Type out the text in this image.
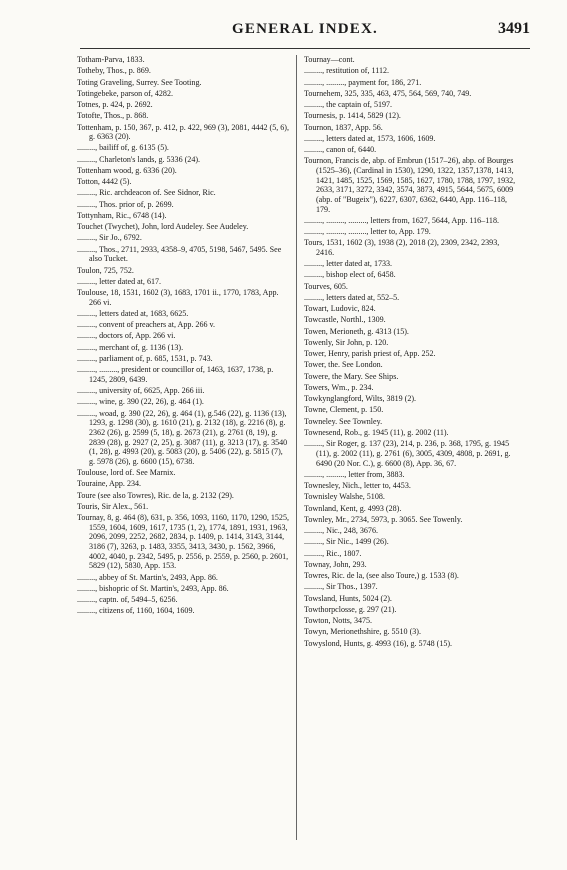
GENERAL INDEX.	3491
Totham-Parva, 1833.
Totheby, Thos., p. 869.
Toting Graveling, Surrey. See Tooting.
Totingebeke, parson of, 4282.
Totnes, p. 424, p. 2692.
Totofte, Thos., p. 868.
Tottenham, p. 150, 367, p. 412, p. 422, 969 (3), 2081, 4442 (5, 6), g. 6363 (20).
........., bailiff of, g. 6135 (5).
........., Charleton's lands, g. 5336 (24).
Tottenham wood, g. 6336 (20).
Totton, 4442 (5).
........., Ric. archdeacon of. See Sidnor, Ric.
........., Thos. prior of, p. 2699.
Tottynham, Ric., 6748 (14).
Touchet (Twychet), John, lord Audeley. See Audeley.
........., Sir Jo., 6792.
........., Thos., 2711, 2933, 4358–9, 4705, 5198, 5467, 5495. See also Tucket.
Toulon, 725, 752.
........., letter dated at, 617.
Toulouse, 18, 1531, 1602 (3), 1683, 1701 ii., 1770, 1783, App. 266 vi.
........., letters dated at, 1683, 6625.
........., convent of preachers at, App. 266 v.
........., doctors of, App. 266 vi.
........., merchant of, g. 1136 (13).
........., parliament of, p. 685, 1531, p. 743.
........., ........., president or councillor of, 1463, 1637, 1738, p. 1245, 2809, 6439.
........., university of, 6625, App. 266 iii.
........., wine, g. 390 (22, 26), g. 464 (1).
........., woad, g. 390 (22, 26), g. 464 (1), g.546 (22), g. 1136 (13), 1293, g. 1298 (30), g. 1610 (21), g. 2132 (18), g. 2216 (8), g. 2362 (26), g. 2599 (5, 18), g. 2673 (21), g. 2761 (8, 19), g. 2839 (28), g. 2927 (2, 25), g. 3087 (11), g. 3213 (17), g. 3540 (1, 28), g. 4993 (20), g. 5083 (20), g. 5406 (22), g. 5815 (7), g. 5978 (26), g. 6600 (15), 6738.
Toulouse, lord of. See Marnix.
Touraine, App. 234.
Toure (see also Towres), Ric. de la, g. 2132 (29).
Touris, Sir Alex., 561.
Tournay, 8, g. 464 (8), 631, p. 356, 1093, 1160, 1170, 1290, 1525, 1559, 1604, 1609, 1617, 1735 (1, 2), 1774, 1891, 1931, 1963, 2096, 2099, 2252, 2682, 2834, p. 1409, p. 1414, 3143, 3144, 3186 (7), 3263, p. 1483, 3355, 3413, 3430, p. 1562, 3966, 4002, 4040, p. 2342, 5495, p. 2556, p. 2559, p. 2560, p. 2601, 5829 (12), 5830, App. 153.
........., abbey of St. Martin's, 2493, App. 86.
........., bishopric of St. Martin's, 2493, App. 86.
........., captn. of, 5494–5, 6256.
........., citizens of, 1160, 1604, 1609.
Tournay—cont.
........., restitution of, 1112.
........., ........., payment for, 186, 271.
Tournehem, 325, 335, 463, 475, 564, 569, 740, 749.
........., the captain of, 5197.
Tournesis, p. 1414, 5829 (12).
Tournon, 1837, App. 56.
........., letters dated at, 1573, 1606, 1609.
........., canon of, 6440.
Tournon, Francis de, abp. of Embrun (1517–26), abp. of Bourges (1525–36), (Cardinal in 1530), 1290, 1322, 1357,1378, 1413, 1421, 1485, 1525, 1569, 1585, 1627, 1780, 1788, 1797, 1932, 2633, 3171, 3272, 3342, 3574, 3873, 4915, 5644, 5675, 6009 (abp. of "Bugeix"), 6227, 6307, 6362, 6440, App. 116–118, 179.
........., ........., ........., letters from, 1627, 5644, App. 116–118.
........., ........., ........., letter to, App. 179.
Tours, 1531, 1602 (3), 1938 (2), 2018 (2), 2309, 2342, 2393, 2416.
........., letter dated at, 1733.
........., bishop elect of, 6458.
Tourves, 605.
........., letters dated at, 552–5.
Towart, Ludovic, 824.
Towcastle, Northl., 1309.
Towen, Merioneth, g. 4313 (15).
Towenly, Sir John, p. 120.
Tower, Henry, parish priest of, App. 252.
Tower, the. See London.
Towere, the Mary. See Ships.
Towers, Wm., p. 234.
Towkynglangford, Wilts, 3819 (2).
Towne, Clement, p. 150.
Towneley. See Townley.
Townesend, Rob., g. 1945 (11), g. 2002 (11).
........., Sir Roger, g. 137 (23), 214, p. 236, p. 368, 1795, g. 1945 (11), g. 2002 (11), g. 2761 (6), 3005, 4309, 4808, p. 2691, g. 6490 (20 Nor. C.), g. 6600 (8), App. 36, 67.
........., ........., letter from, 3883.
Townesley, Nich., letter to, 4453.
Townisley Walshe, 5108.
Townland, Kent, g. 4993 (28).
Townley, Mr., 2734, 5973, p. 3065. See Towenly.
........., Nic., 248, 3676.
........., Sir Nic., 1499 (26).
........., Ric., 1807.
Townay, John, 293.
Towres, Ric. de la, (see also Toure,) g. 1533 (8).
........., Sir Thos., 1397.
Towsland, Hunts, 5024 (2).
Towthorpclosse, g. 297 (21).
Towton, Notts, 3475.
Towyn, Merionethshire, g. 5510 (3).
Towyslond, Hunts, g. 4993 (16), g. 5748 (15).
